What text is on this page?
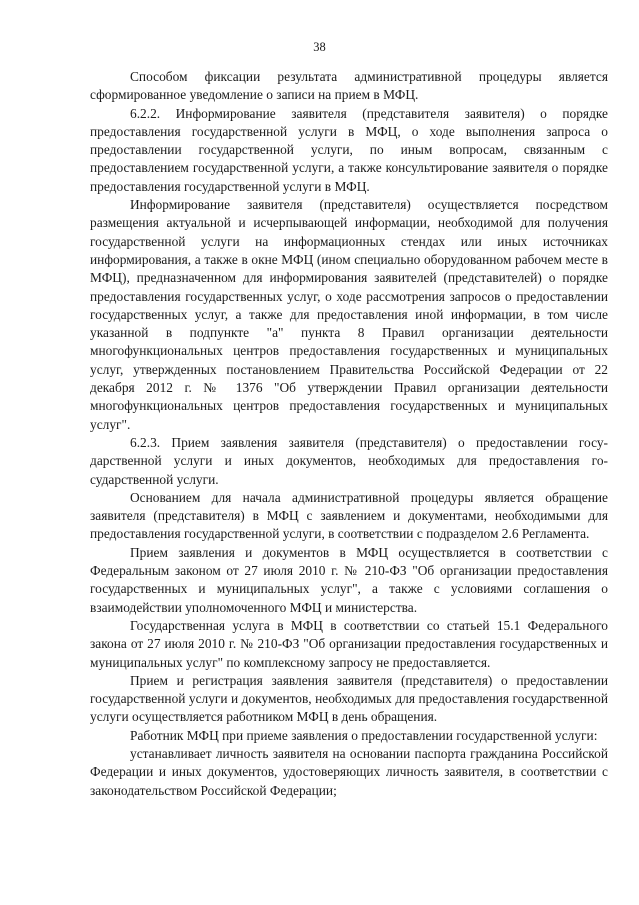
38

Способом фиксации результата административной процедуры является сформированное уведомление о записи на прием в МФЦ.

6.2.2. Информирование заявителя (представителя заявителя) о порядке предоставления государственной услуги в МФЦ, о ходе выполнения запроса о предоставлении государственной услуги, по иным вопросам, связанным с предоставлением государственной услуги, а также консультирование заявителя о порядке предоставления государственной услуги в МФЦ.

Информирование заявителя (представителя) осуществляется посредством размещения актуальной и исчерпывающей информации, необходимой для получения государственной услуги на информационных стендах или иных источниках информирования, а также в окне МФЦ (ином специально оборудованном рабочем месте в МФЦ), предназначенном для информирования заявителей (представителей) о порядке предоставления государственных услуг, о ходе рассмотрения запросов о предоставлении государственных услуг, а также для предоставления иной информации, в том числе указанной в подпункте "а" пункта 8 Правил организации деятельности многофункциональных центров предоставления государственных и муниципальных услуг, утвержденных постановлением Правительства Российской Федерации от 22 декабря 2012 г. № 1376 "Об утверждении Правил организации деятельности многофункциональных центров предоставления государственных и муниципальных услуг".

6.2.3. Прием заявления заявителя (представителя) о предоставлении государственной услуги и иных документов, необходимых для предоставления государственной услуги.

Основанием для начала административной процедуры является обращение заявителя (представителя) в МФЦ с заявлением и документами, необходимыми для предоставления государственной услуги, в соответствии с подразделом 2.6 Регламента.

Прием заявления и документов в МФЦ осуществляется в соответствии с Федеральным законом от 27 июля 2010 г. № 210-ФЗ "Об организации предоставления государственных и муниципальных услуг", а также с условиями соглашения о взаимодействии уполномоченного МФЦ и министерства.

Государственная услуга в МФЦ в соответствии со статьей 15.1 Федерального закона от 27 июля 2010 г. № 210-ФЗ "Об организации предоставления государственных и муниципальных услуг" по комплексному запросу не предоставляется.

Прием и регистрация заявления заявителя (представителя) о предоставлении государственной услуги и документов, необходимых для предоставления государственной услуги осуществляется работником МФЦ в день обращения.

Работник МФЦ при приеме заявления о предоставлении государственной услуги:

устанавливает личность заявителя на основании паспорта гражданина Российской Федерации и иных документов, удостоверяющих личность заявителя, в соответствии с законодательством Российской Федерации;
